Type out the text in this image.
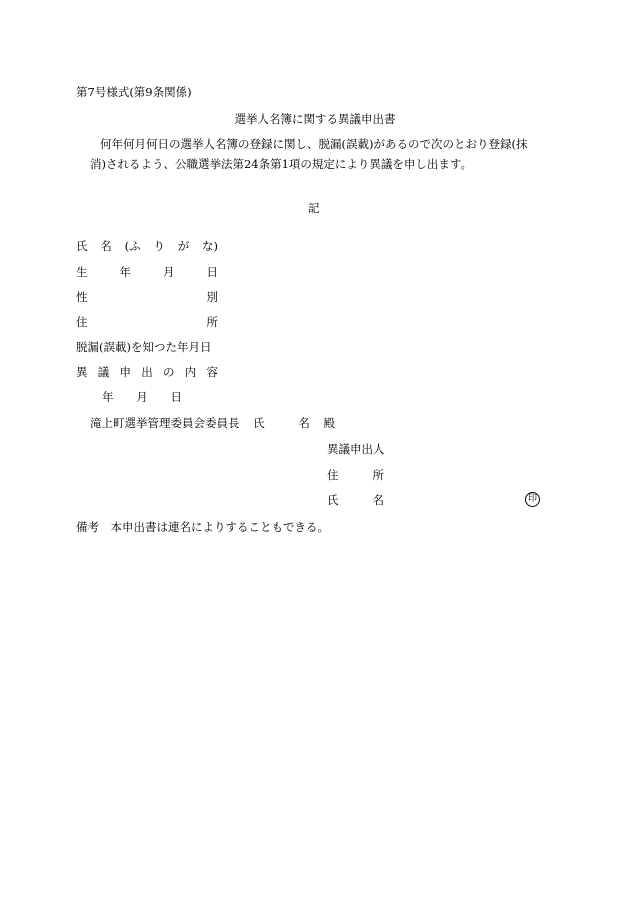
第7号様式(第9条関係)
選挙人名簿に関する異議申出書
何年何月何日の選挙人名簿の登録に関し、脱漏(誤載)があるので次のとおり登録(抹
消)されるよう、公職選挙法第24条第1項の規定により異議を申し出ます。
記
氏 名 (ふ り が な)
生	年	月	日
性	別
住	所
脱漏(誤載)を知つた年月日
異 議 申 出 の 内 容
年 月 日
滝上町選挙管理委員会委員長 氏	名 殿
異議申出人
住	所
氏	名	印
備考　本申出書は連名によりすることもできる。
